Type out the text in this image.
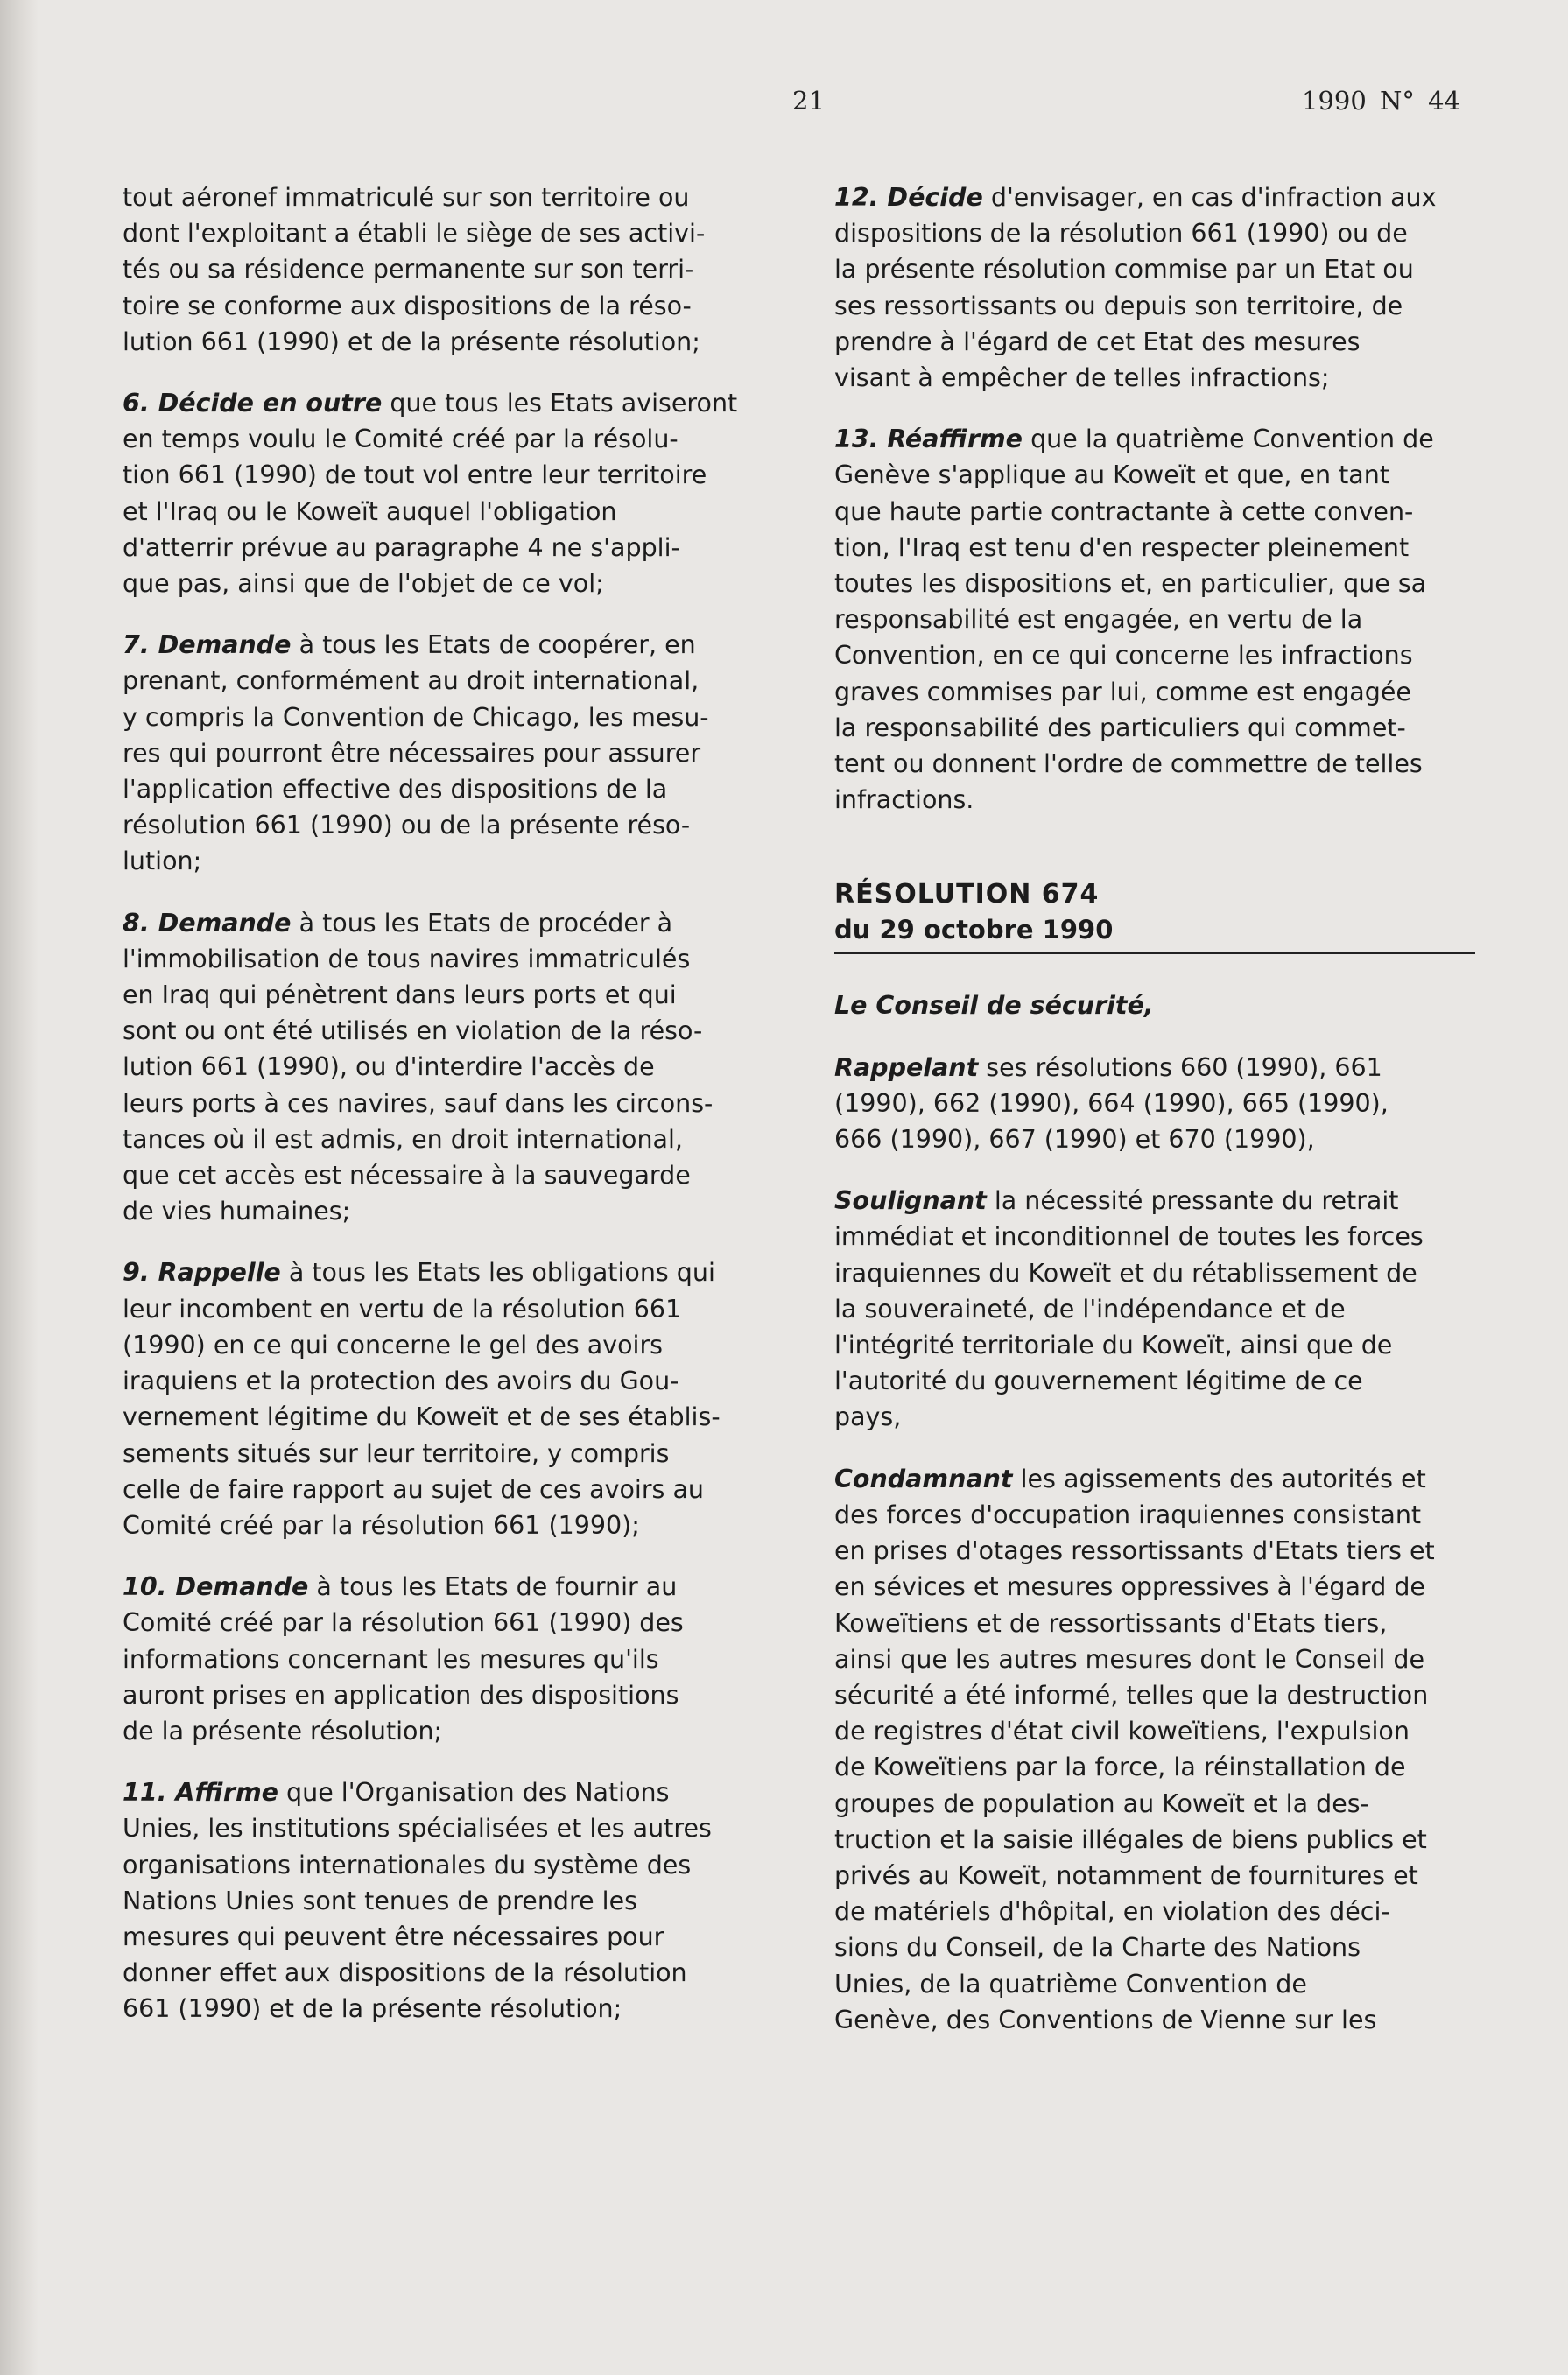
21	1990 N° 44
tout aéronef immatriculé sur son territoire ou
dont l'exploitant a établi le siège de ses activi-
tés ou sa résidence permanente sur son terri-
toire se conforme aux dispositions de la réso-
lution 661 (1990) et de la présente résolution;
6. Décide en outre que tous les Etats aviseront
en temps voulu le Comité créé par la résolu-
tion 661 (1990) de tout vol entre leur territoire
et l'Iraq ou le Koweït auquel l'obligation
d'atterrir prévue au paragraphe 4 ne s'appli-
que pas, ainsi que de l'objet de ce vol;
7. Demande à tous les Etats de coopérer, en
prenant, conformément au droit international,
y compris la Convention de Chicago, les mesu-
res qui pourront être nécessaires pour assurer
l'application effective des dispositions de la
résolution 661 (1990) ou de la présente réso-
lution;
8. Demande à tous les Etats de procéder à
l'immobilisation de tous navires immatriculés
en Iraq qui pénètrent dans leurs ports et qui
sont ou ont été utilisés en violation de la réso-
lution 661 (1990), ou d'interdire l'accès de
leurs ports à ces navires, sauf dans les circons-
tances où il est admis, en droit international,
que cet accès est nécessaire à la sauvegarde
de vies humaines;
9. Rappelle à tous les Etats les obligations qui
leur incombent en vertu de la résolution 661
(1990) en ce qui concerne le gel des avoirs
iraquiens et la protection des avoirs du Gou-
vernement légitime du Koweït et de ses établis-
sements situés sur leur territoire, y compris
celle de faire rapport au sujet de ces avoirs au
Comité créé par la résolution 661 (1990);
10. Demande à tous les Etats de fournir au
Comité créé par la résolution 661 (1990) des
informations concernant les mesures qu'ils
auront prises en application des dispositions
de la présente résolution;
11. Affirme que l'Organisation des Nations
Unies, les institutions spécialisées et les autres
organisations internationales du système des
Nations Unies sont tenues de prendre les
mesures qui peuvent être nécessaires pour
donner effet aux dispositions de la résolution
661 (1990) et de la présente résolution;
12. Décide d'envisager, en cas d'infraction aux
dispositions de la résolution 661 (1990) ou de
la présente résolution commise par un Etat ou
ses ressortissants ou depuis son territoire, de
prendre à l'égard de cet Etat des mesures
visant à empêcher de telles infractions;
13. Réaffirme que la quatrième Convention de
Genève s'applique au Koweït et que, en tant
que haute partie contractante à cette conven-
tion, l'Iraq est tenu d'en respecter pleinement
toutes les dispositions et, en particulier, que sa
responsabilité est engagée, en vertu de la
Convention, en ce qui concerne les infractions
graves commises par lui, comme est engagée
la responsabilité des particuliers qui commet-
tent ou donnent l'ordre de commettre de telles
infractions.
RÉSOLUTION 674
du 29 octobre 1990
Le Conseil de sécurité,
Rappelant ses résolutions 660 (1990), 661
(1990), 662 (1990), 664 (1990), 665 (1990),
666 (1990), 667 (1990) et 670 (1990),
Soulignant la nécessité pressante du retrait
immédiat et inconditionnel de toutes les forces
iraquiennes du Koweït et du rétablissement de
la souveraineté, de l'indépendance et de
l'intégrité territoriale du Koweït, ainsi que de
l'autorité du gouvernement légitime de ce
pays,
Condamnant les agissements des autorités et
des forces d'occupation iraquiennes consistant
en prises d'otages ressortissants d'Etats tiers et
en sévices et mesures oppressives à l'égard de
Koweïtiens et de ressortissants d'Etats tiers,
ainsi que les autres mesures dont le Conseil de
sécurité a été informé, telles que la destruction
de registres d'état civil koweïtiens, l'expulsion
de Koweïtiens par la force, la réinstallation de
groupes de population au Koweït et la des-
truction et la saisie illégales de biens publics et
privés au Koweït, notamment de fournitures et
de matériels d'hôpital, en violation des déci-
sions du Conseil, de la Charte des Nations
Unies, de la quatrième Convention de
Genève, des Conventions de Vienne sur les
